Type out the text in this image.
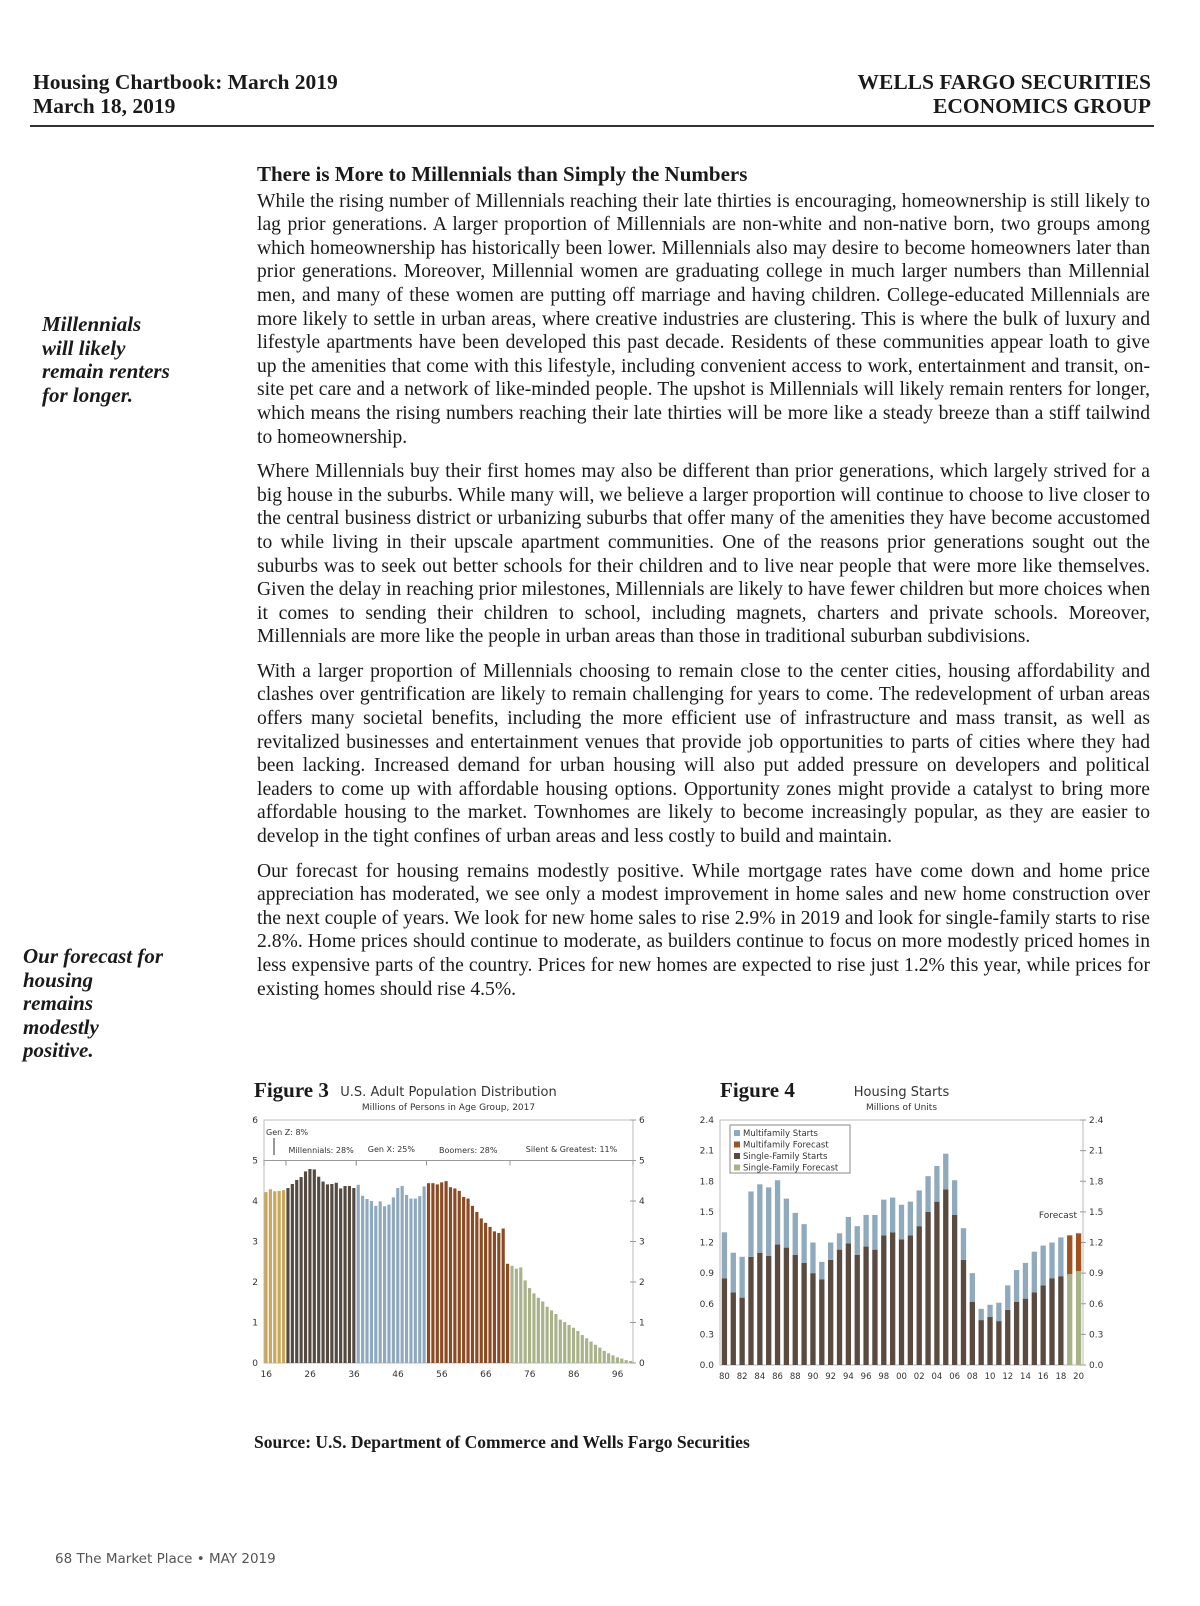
Housing Chartbook: March 2019
March 18, 2019
WELLS FARGO SECURITIES
ECONOMICS GROUP
Millennials will likely remain renters for longer.
Our forecast for housing remains modestly positive.
There is More to Millennials than Simply the Numbers

While the rising number of Millennials reaching their late thirties is encouraging, homeownership is still likely to lag prior generations. A larger proportion of Millennials are non-white and non-native born, two groups among which homeownership has historically been lower. Millennials also may desire to become homeowners later than prior generations. Moreover, Millennial women are graduating college in much larger numbers than Millennial men, and many of these women are putting off marriage and having children. College-educated Millennials are more likely to settle in urban areas, where creative industries are clustering. This is where the bulk of luxury and lifestyle apartments have been developed this past decade. Residents of these communities appear loath to give up the amenities that come with this lifestyle, including convenient access to work, entertainment and transit, on-site pet care and a network of like-minded people. The upshot is Millennials will likely remain renters for longer, which means the rising numbers reaching their late thirties will be more like a steady breeze than a stiff tailwind to homeownership.

Where Millennials buy their first homes may also be different than prior generations, which largely strived for a big house in the suburbs. While many will, we believe a larger proportion will continue to choose to live closer to the central business district or urbanizing suburbs that offer many of the amenities they have become accustomed to while living in their upscale apartment communities. One of the reasons prior generations sought out the suburbs was to seek out better schools for their children and to live near people that were more like themselves. Given the delay in reaching prior milestones, Millennials are likely to have fewer children but more choices when it comes to sending their children to school, including magnets, charters and private schools. Moreover, Millennials are more like the people in urban areas than those in traditional suburban subdivisions.

With a larger proportion of Millennials choosing to remain close to the center cities, housing affordability and clashes over gentrification are likely to remain challenging for years to come. The redevelopment of urban areas offers many societal benefits, including the more efficient use of infrastructure and mass transit, as well as revitalized businesses and entertainment venues that provide job opportunities to parts of cities where they had been lacking. Increased demand for urban housing will also put added pressure on developers and political leaders to come up with affordable housing options. Opportunity zones might provide a catalyst to bring more affordable housing to the market. Townhomes are likely to become increasingly popular, as they are easier to develop in the tight confines of urban areas and less costly to build and maintain.

Our forecast for housing remains modestly positive. While mortgage rates have come down and home price appreciation has moderated, we see only a modest improvement in home sales and new home construction over the next couple of years. We look for new home sales to rise 2.9% in 2019 and look for single-family starts to rise 2.8%. Home prices should continue to moderate, as builders continue to focus on more modestly priced homes in less expensive parts of the country. Prices for new homes are expected to rise just 1.2% this year, while prices for existing homes should rise 4.5%.

Figure 3	Figure 4
U.S. Adult Population Distribution
Millions of Persons in Age Group, 2017
0	0
1	1
2	2
3	3
4	4
5	5
6	6
16	26	36	46	56	66	76	86	96
Gen Z: 8%
Millennials: 28% Gen X: 25%	Boomers: 28%	Silent & Greatest: 11%
Housing Starts
Millions of Units
0.0	0.0
0.3	0.3
0.6	0.6
0.9	0.9
1.2	1.2
1.5	1.5
1.8	1.8
2.1	2.1
2.4	2.4
80 82 84 86 88 90 92 94 96 98 00 02 04 06 08 10 12 14 16 18 20
Forecast
Multifamily Starts
Multifamily Forecast
Single-Family Starts
Single-Family Forecast
Source: U.S. Department of Commerce and Wells Fargo Securities
68 The Market Place • MAY 2019
